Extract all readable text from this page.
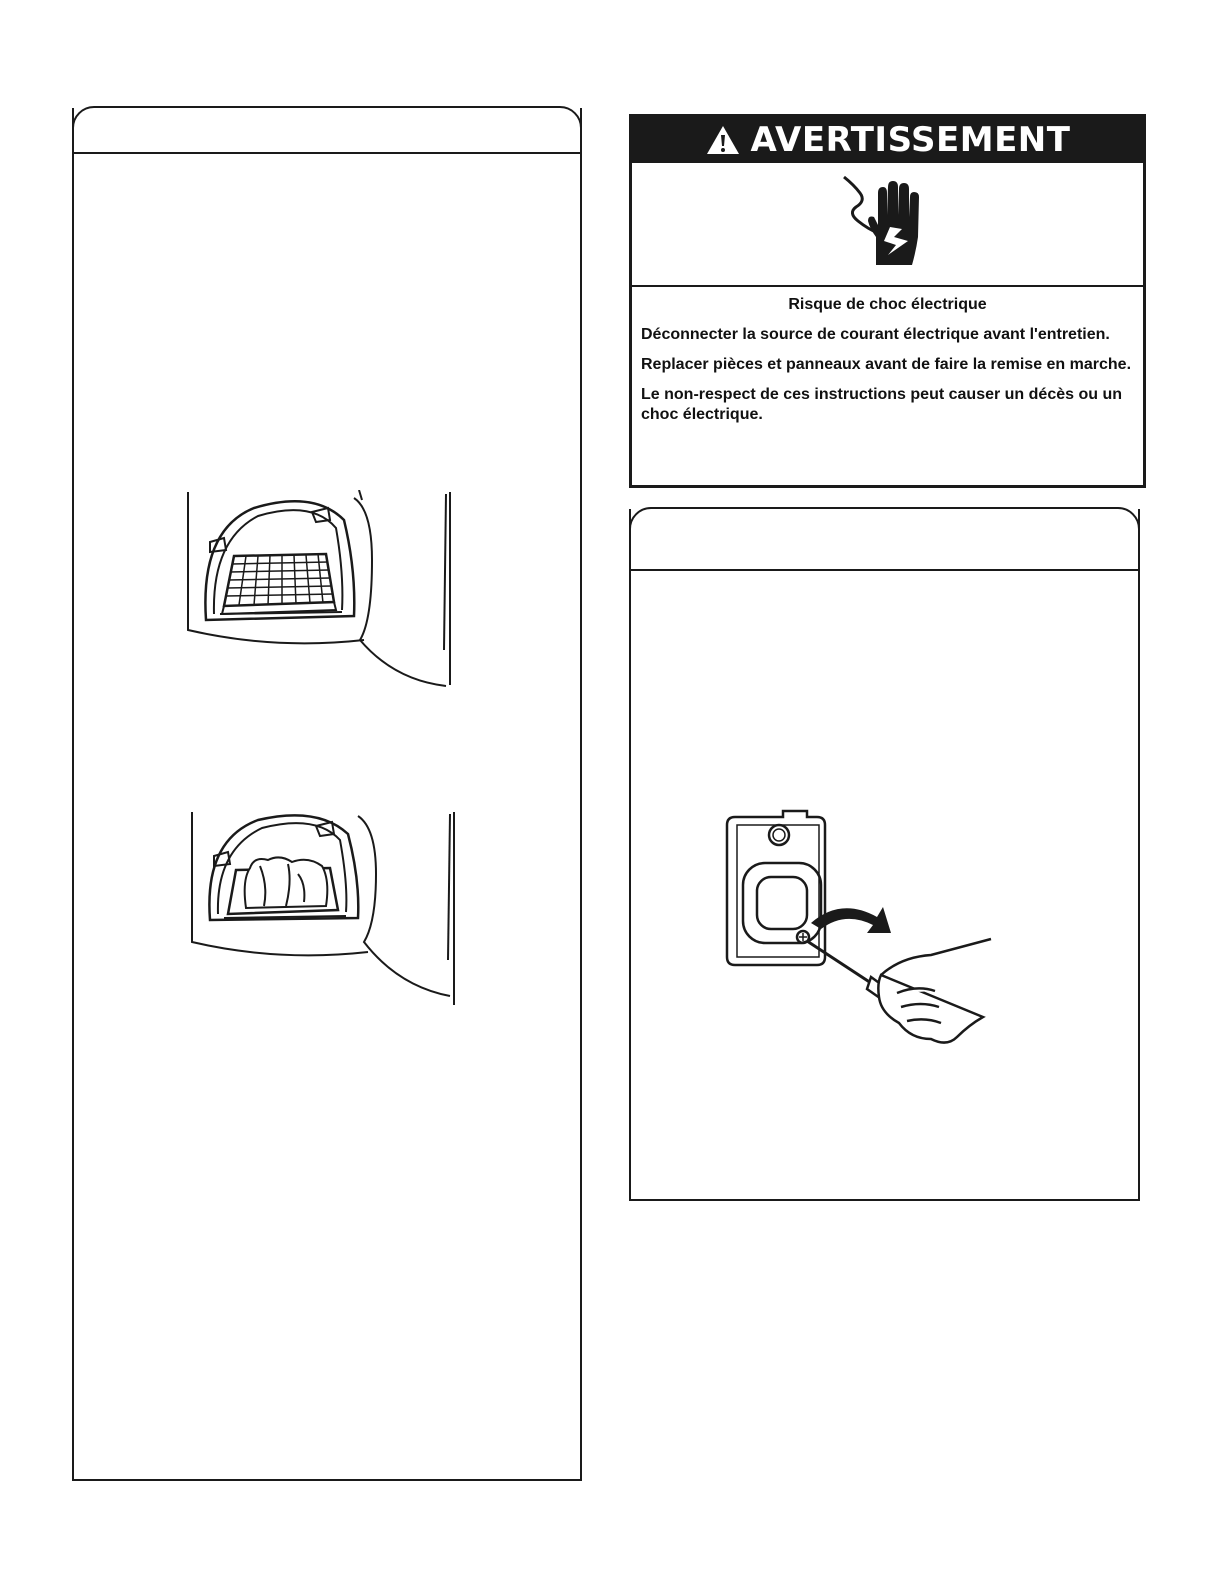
AVERTISSEMENT

Risque de choc électrique

Déconnecter la source de courant électrique avant l'entretien.

Replacer pièces et panneaux avant de faire la remise en marche.

Le non-respect de ces instructions peut causer un décès ou un choc électrique.
